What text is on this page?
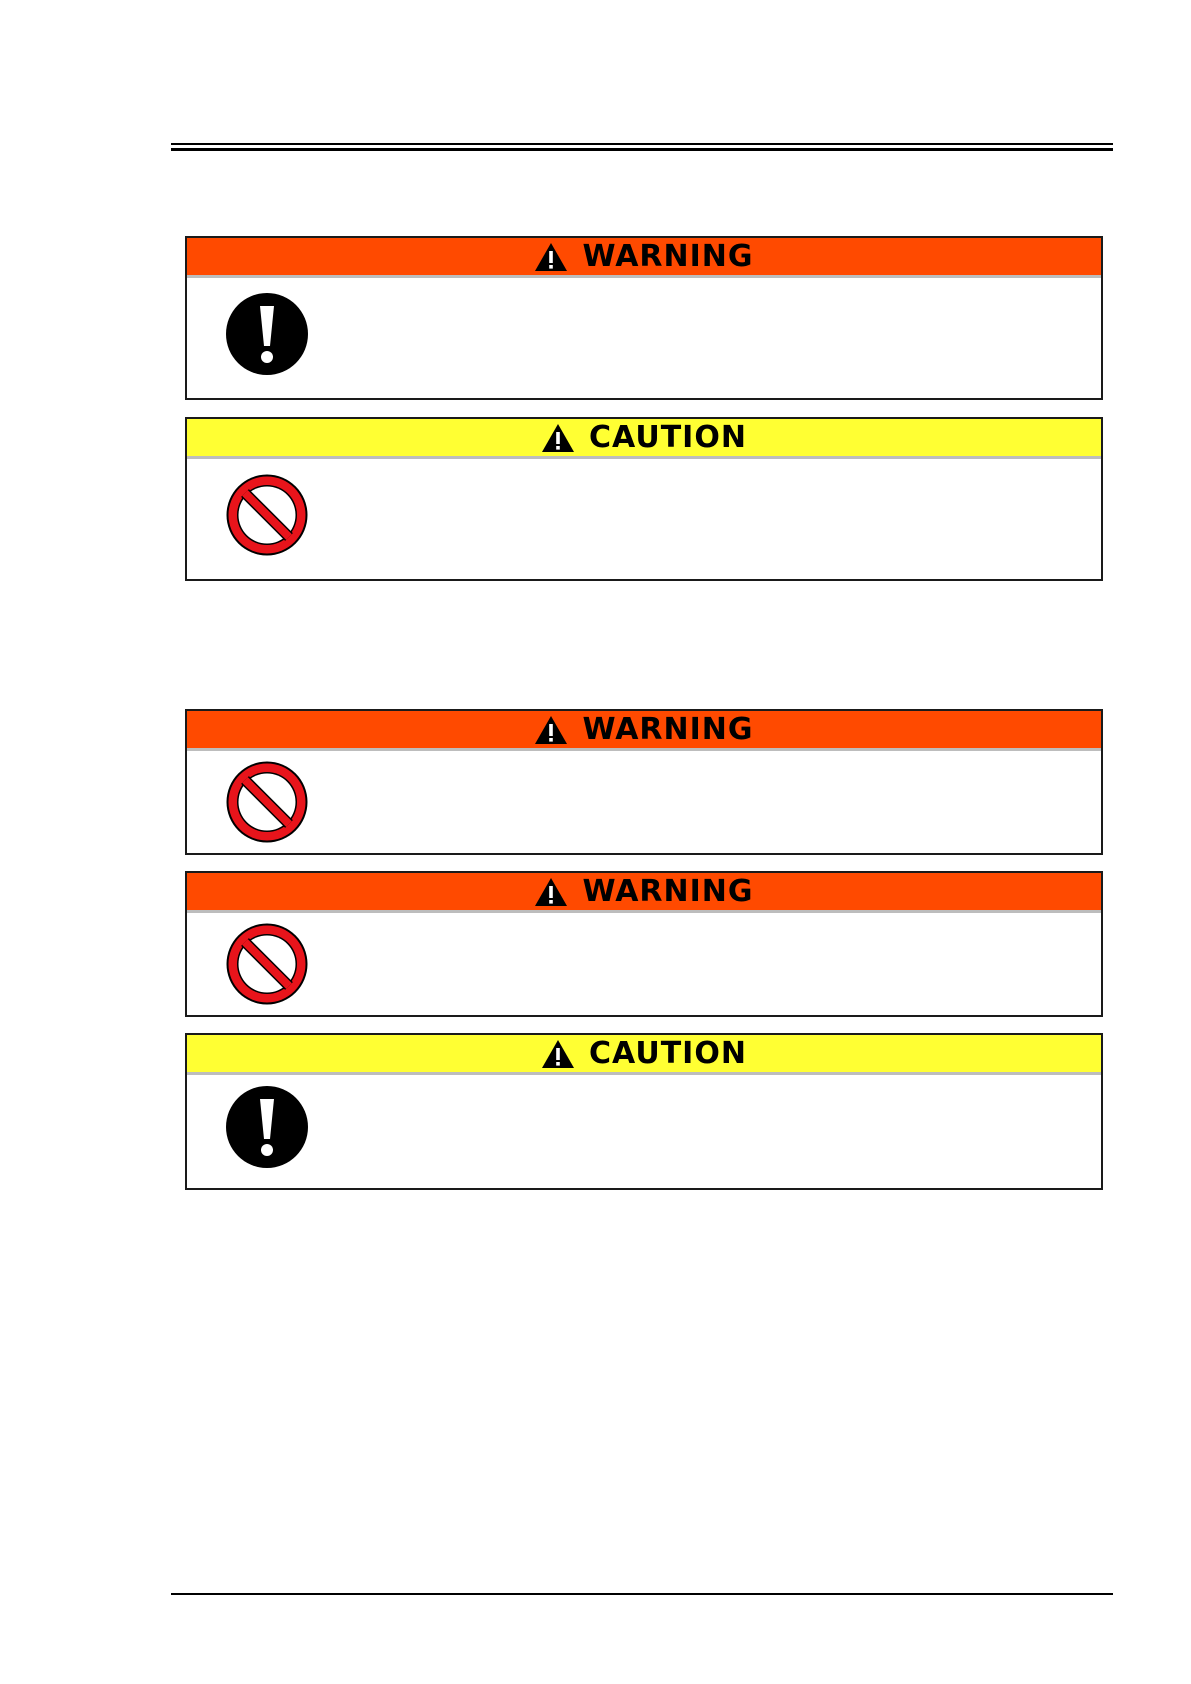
WARNING
CAUTION
WARNING
WARNING
CAUTION
